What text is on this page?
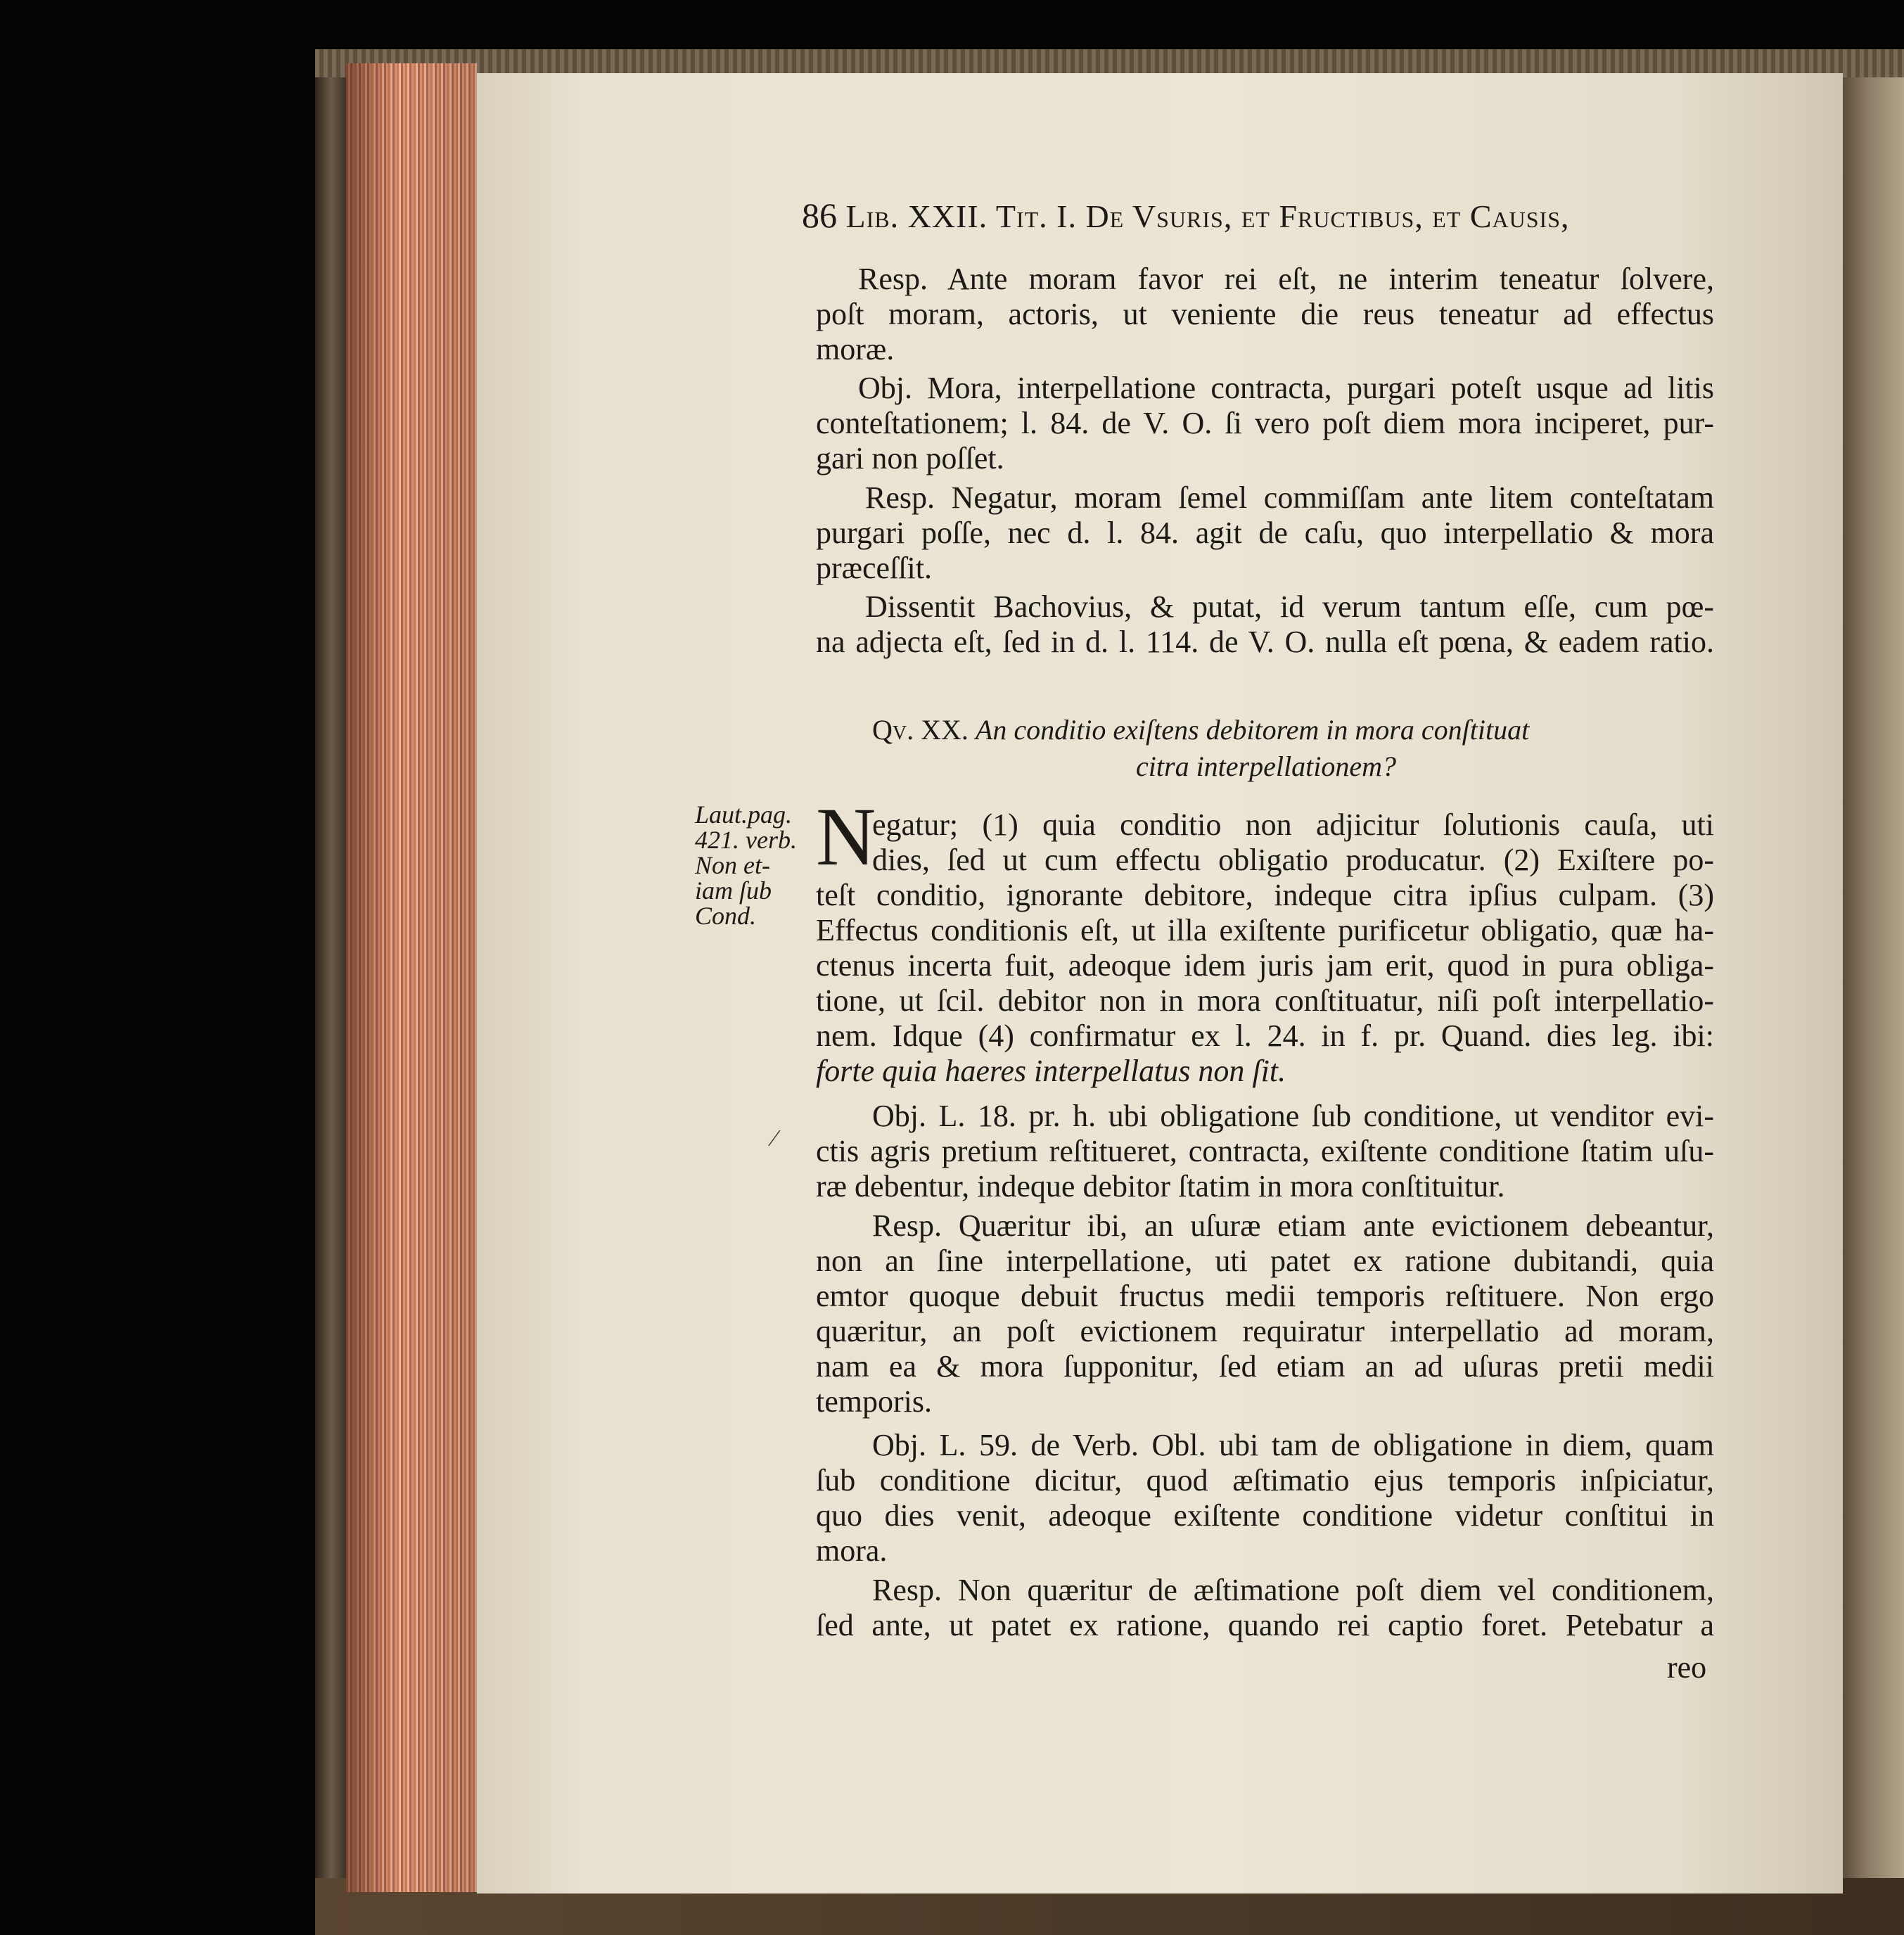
86 Lib. XXII. Tit. I. De Vsuris, et Fructibus, et Causis,
Resp. Ante moram favor rei eſt, ne interim teneatur ſolvere,
poſt moram, actoris, ut veniente die reus teneatur ad effectus
moræ.
Obj. Mora, interpellatione contracta, purgari poteſt usque ad litis
conteſtationem; l. 84. de V. O. ſi vero poſt diem mora inciperet, pur-
gari non poſſet.
Resp. Negatur, moram ſemel commiſſam ante litem conteſtatam
purgari poſſe, nec d. l. 84. agit de caſu, quo interpellatio & mora
præceſſit.
Dissentit Bachovius, & putat, id verum tantum eſſe, cum pœ-
na adjecta eſt, ſed in d. l. 114. de V. O. nulla eſt pœna, & eadem ratio.
Qv. XX. An conditio exiſtens debitorem in mora conſtituat
citra interpellationem?
Laut.pag.
421. verb.
Non et-
iam ſub
Cond.
N
egatur; (1) quia conditio non adjicitur ſolutionis cauſa, uti
dies, ſed ut cum effectu obligatio producatur. (2) Exiſtere po-
teſt conditio, ignorante debitore, indeque citra ipſius culpam. (3)
Effectus conditionis eſt, ut illa exiſtente purificetur obligatio, quæ ha-
ctenus incerta fuit, adeoque idem juris jam erit, quod in pura obliga-
tione, ut ſcil. debitor non in mora conſtituatur, niſi poſt interpellatio-
nem. Idque (4) confirmatur ex l. 24. in f. pr. Quand. dies leg. ibi:
forte quia haeres interpellatus non ſit.
⁄
Obj. L. 18. pr. h. ubi obligatione ſub conditione, ut venditor evi-
ctis agris pretium reſtitueret, contracta, exiſtente conditione ſtatim uſu-
ræ debentur, indeque debitor ſtatim in mora conſtituitur.
Resp. Quæritur ibi, an uſuræ etiam ante evictionem debeantur,
non an ſine interpellatione, uti patet ex ratione dubitandi, quia
emtor quoque debuit fructus medii temporis reſtituere. Non ergo
quæritur, an poſt evictionem requiratur interpellatio ad moram,
nam ea & mora ſupponitur, ſed etiam an ad uſuras pretii medii
temporis.
Obj. L. 59. de Verb. Obl. ubi tam de obligatione in diem, quam
ſub conditione dicitur, quod æſtimatio ejus temporis inſpiciatur,
quo dies venit, adeoque exiſtente conditione videtur conſtitui in
mora.
Resp. Non quæritur de æſtimatione poſt diem vel conditionem,
ſed ante, ut patet ex ratione, quando rei captio foret. Petebatur a
reo
